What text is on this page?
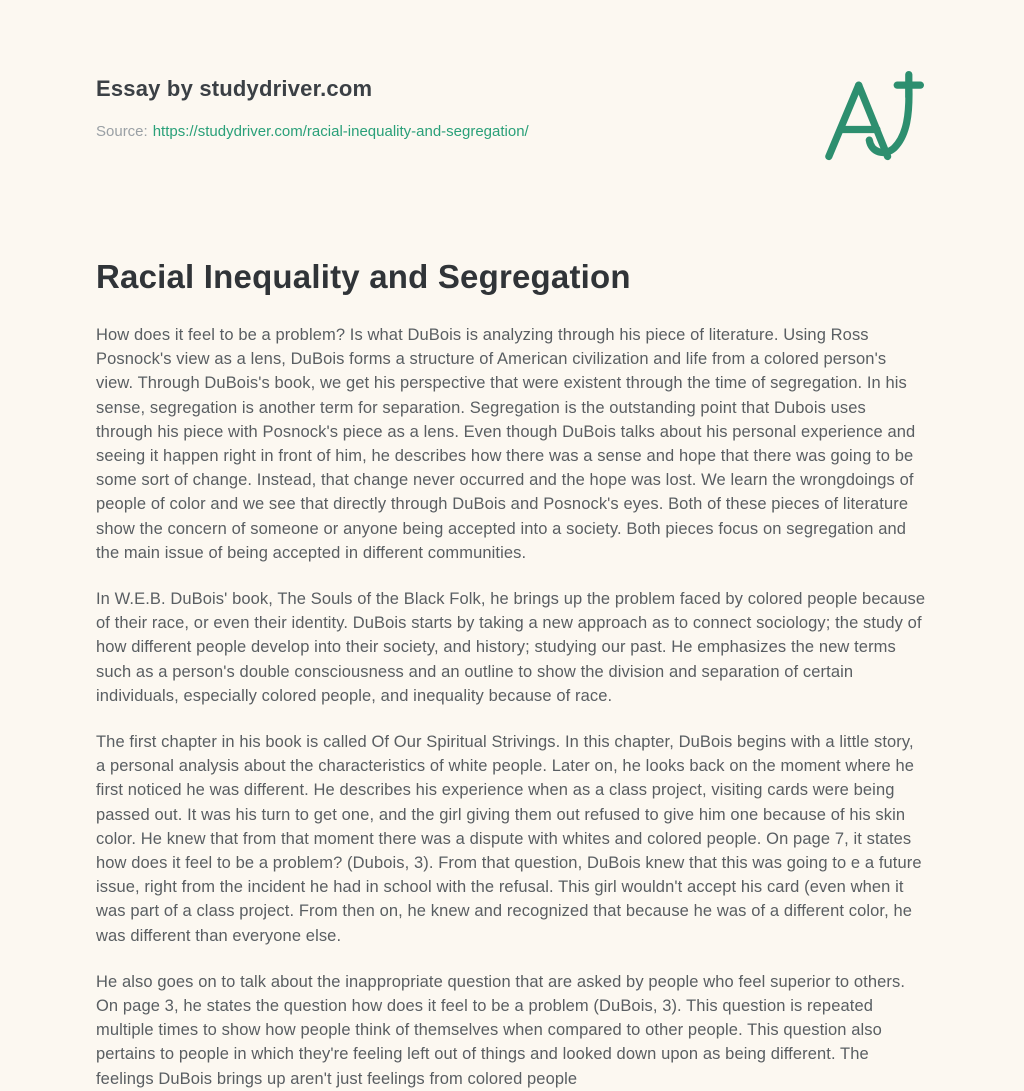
Essay by studydriver.com
Source: https://studydriver.com/racial-inequality-and-segregation/
Racial Inequality and Segregation

How does it feel to be a problem? Is what DuBois is analyzing through his piece of literature. Using Ross Posnock's view as a lens, DuBois forms a structure of American civilization and life from a colored person's view. Through DuBois's book, we get his perspective that were existent through the time of segregation. In his sense, segregation is another term for separation. Segregation is the outstanding point that Dubois uses through his piece with Posnock's piece as a lens. Even though DuBois talks about his personal experience and seeing it happen right in front of him, he describes how there was a sense and hope that there was going to be some sort of change. Instead, that change never occurred and the hope was lost. We learn the wrongdoings of people of color and we see that directly through DuBois and Posnock's eyes. Both of these pieces of literature show the concern of someone or anyone being accepted into a society. Both pieces focus on segregation and the main issue of being accepted in different communities.

In W.E.B. DuBois' book, The Souls of the Black Folk, he brings up the problem faced by colored people because of their race, or even their identity. DuBois starts by taking a new approach as to connect sociology; the study of how different people develop into their society, and history; studying our past. He emphasizes the new terms such as a person's double consciousness and an outline to show the division and separation of certain individuals, especially colored people, and inequality because of race.

The first chapter in his book is called Of Our Spiritual Strivings. In this chapter, DuBois begins with a little story, a personal analysis about the characteristics of white people. Later on, he looks back on the moment where he first noticed he was different. He describes his experience when as a class project, visiting cards were being passed out. It was his turn to get one, and the girl giving them out refused to give him one because of his skin color. He knew that from that moment there was a dispute with whites and colored people. On page 7, it states how does it feel to be a problem? (Dubois, 3). From that question, DuBois knew that this was going to e a future issue, right from the incident he had in school with the refusal. This girl wouldn't accept his card (even when it was part of a class project. From then on, he knew and recognized that because he was of a different color, he was different than everyone else.

He also goes on to talk about the inappropriate question that are asked by people who feel superior to others. On page 3, he states the question how does it feel to be a problem (DuBois, 3). This question is repeated multiple times to show how people think of themselves when compared to other people. This question also pertains to people in which they're feeling left out of things and looked down upon as being different. The feelings DuBois brings up aren't just feelings from colored people
